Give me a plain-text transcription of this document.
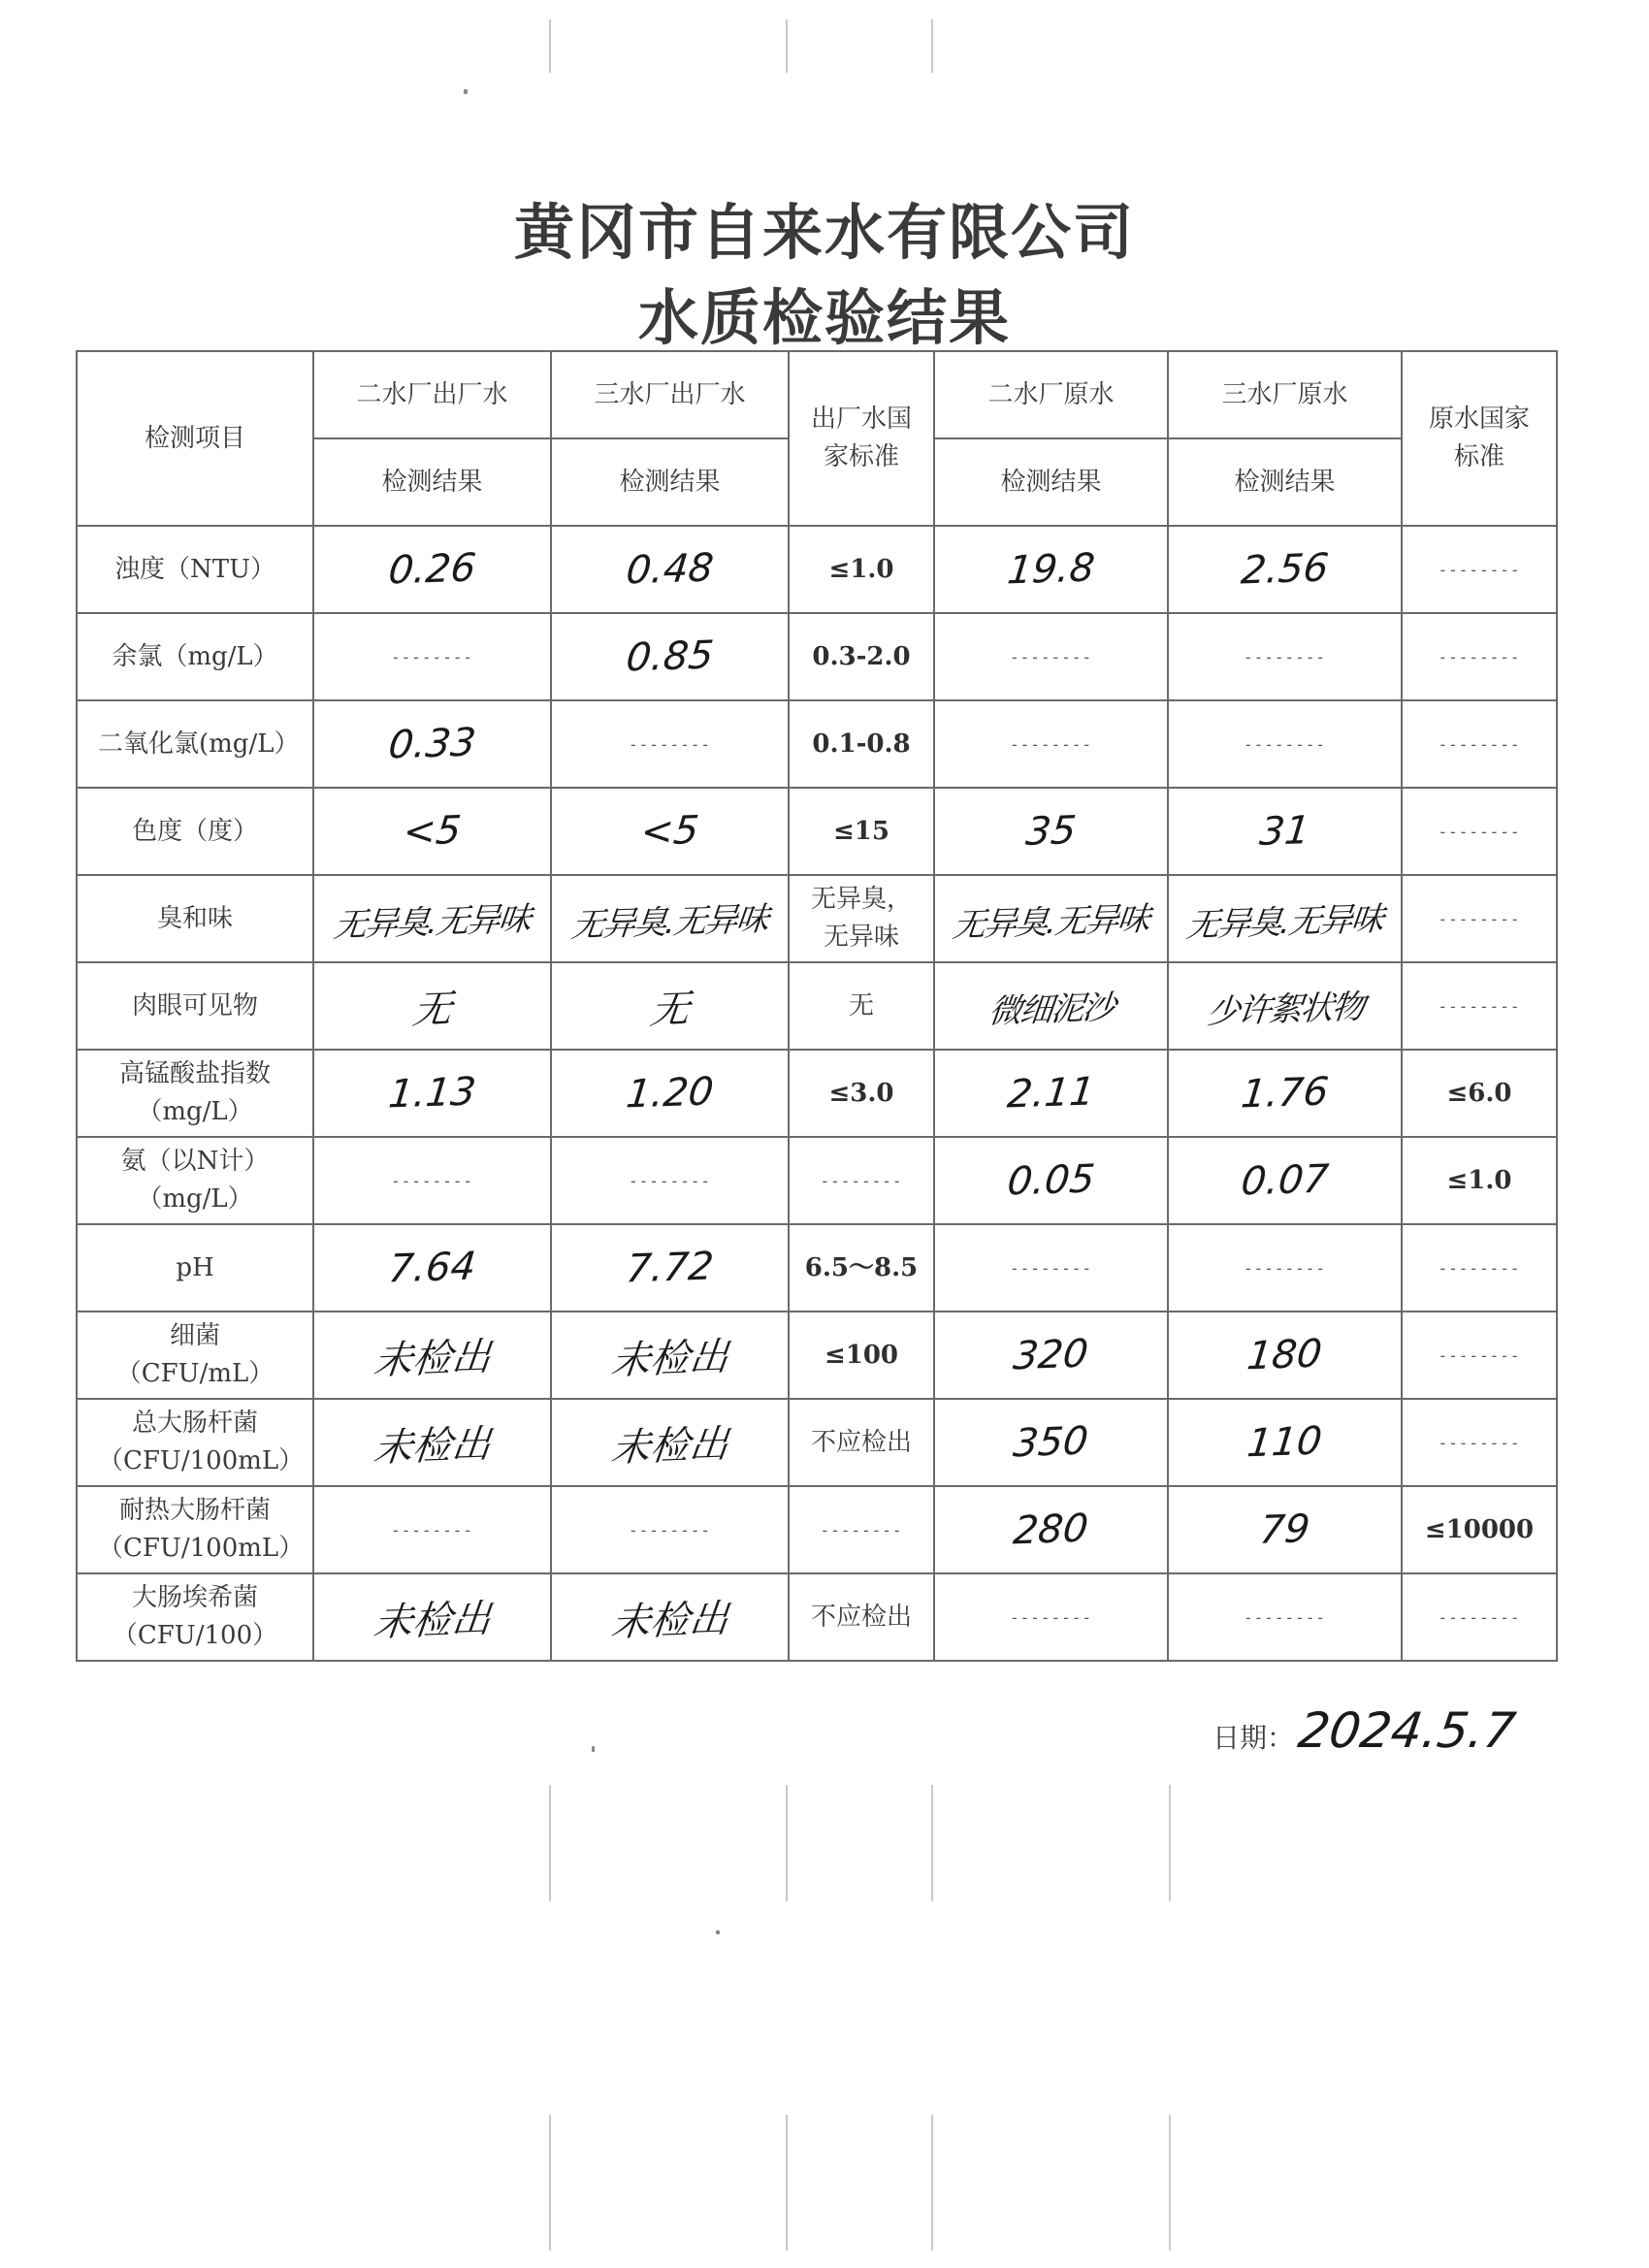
黄冈市自来水有限公司
水质检验结果
检测项目	二水厂出厂水	三水厂出厂水	出厂水国家标准	二水厂原水	三水厂原水	原水国家标准

	检测结果	检测结果		检测结果	检测结果	
浊度（NTU）	0.26	0.48	≤1.0	19.8	2.56	--------
余氯（mg/L）	--------	0.85	0.3-2.0	--------	--------	--------
二氧化氯(mg/L）	0.33	--------	0.1-0.8	--------	--------	--------
色度（度）	<5	<5	≤15	35	31	--------
臭和味	无异臭.无异味	无异臭.无异味	无异臭，无异味	无异臭.无异味	无异臭.无异味	--------
肉眼可见物	无	无	无	微细泥沙	少许絮状物	--------
高锰酸盐指数（mg/L）	1.13	1.20	≤3.0	2.11	1.76	≤6.0
氨（以N计）（mg/L）	--------	--------	--------	0.05	0.07	≤1.0
pH	7.64	7.72	6.5～8.5	--------	--------	--------
细菌（CFU/mL）	未检出	未检出	≤100	320	180	--------
总大肠杆菌（CFU/100mL）	未检出	未检出	不应检出	350	110	--------
耐热大肠杆菌（CFU/100mL）	--------	--------	--------	280	79	≤10000
大肠埃希菌（CFU/100）	未检出	未检出	不应检出	--------	--------	--------
日期： 2024.5.7
